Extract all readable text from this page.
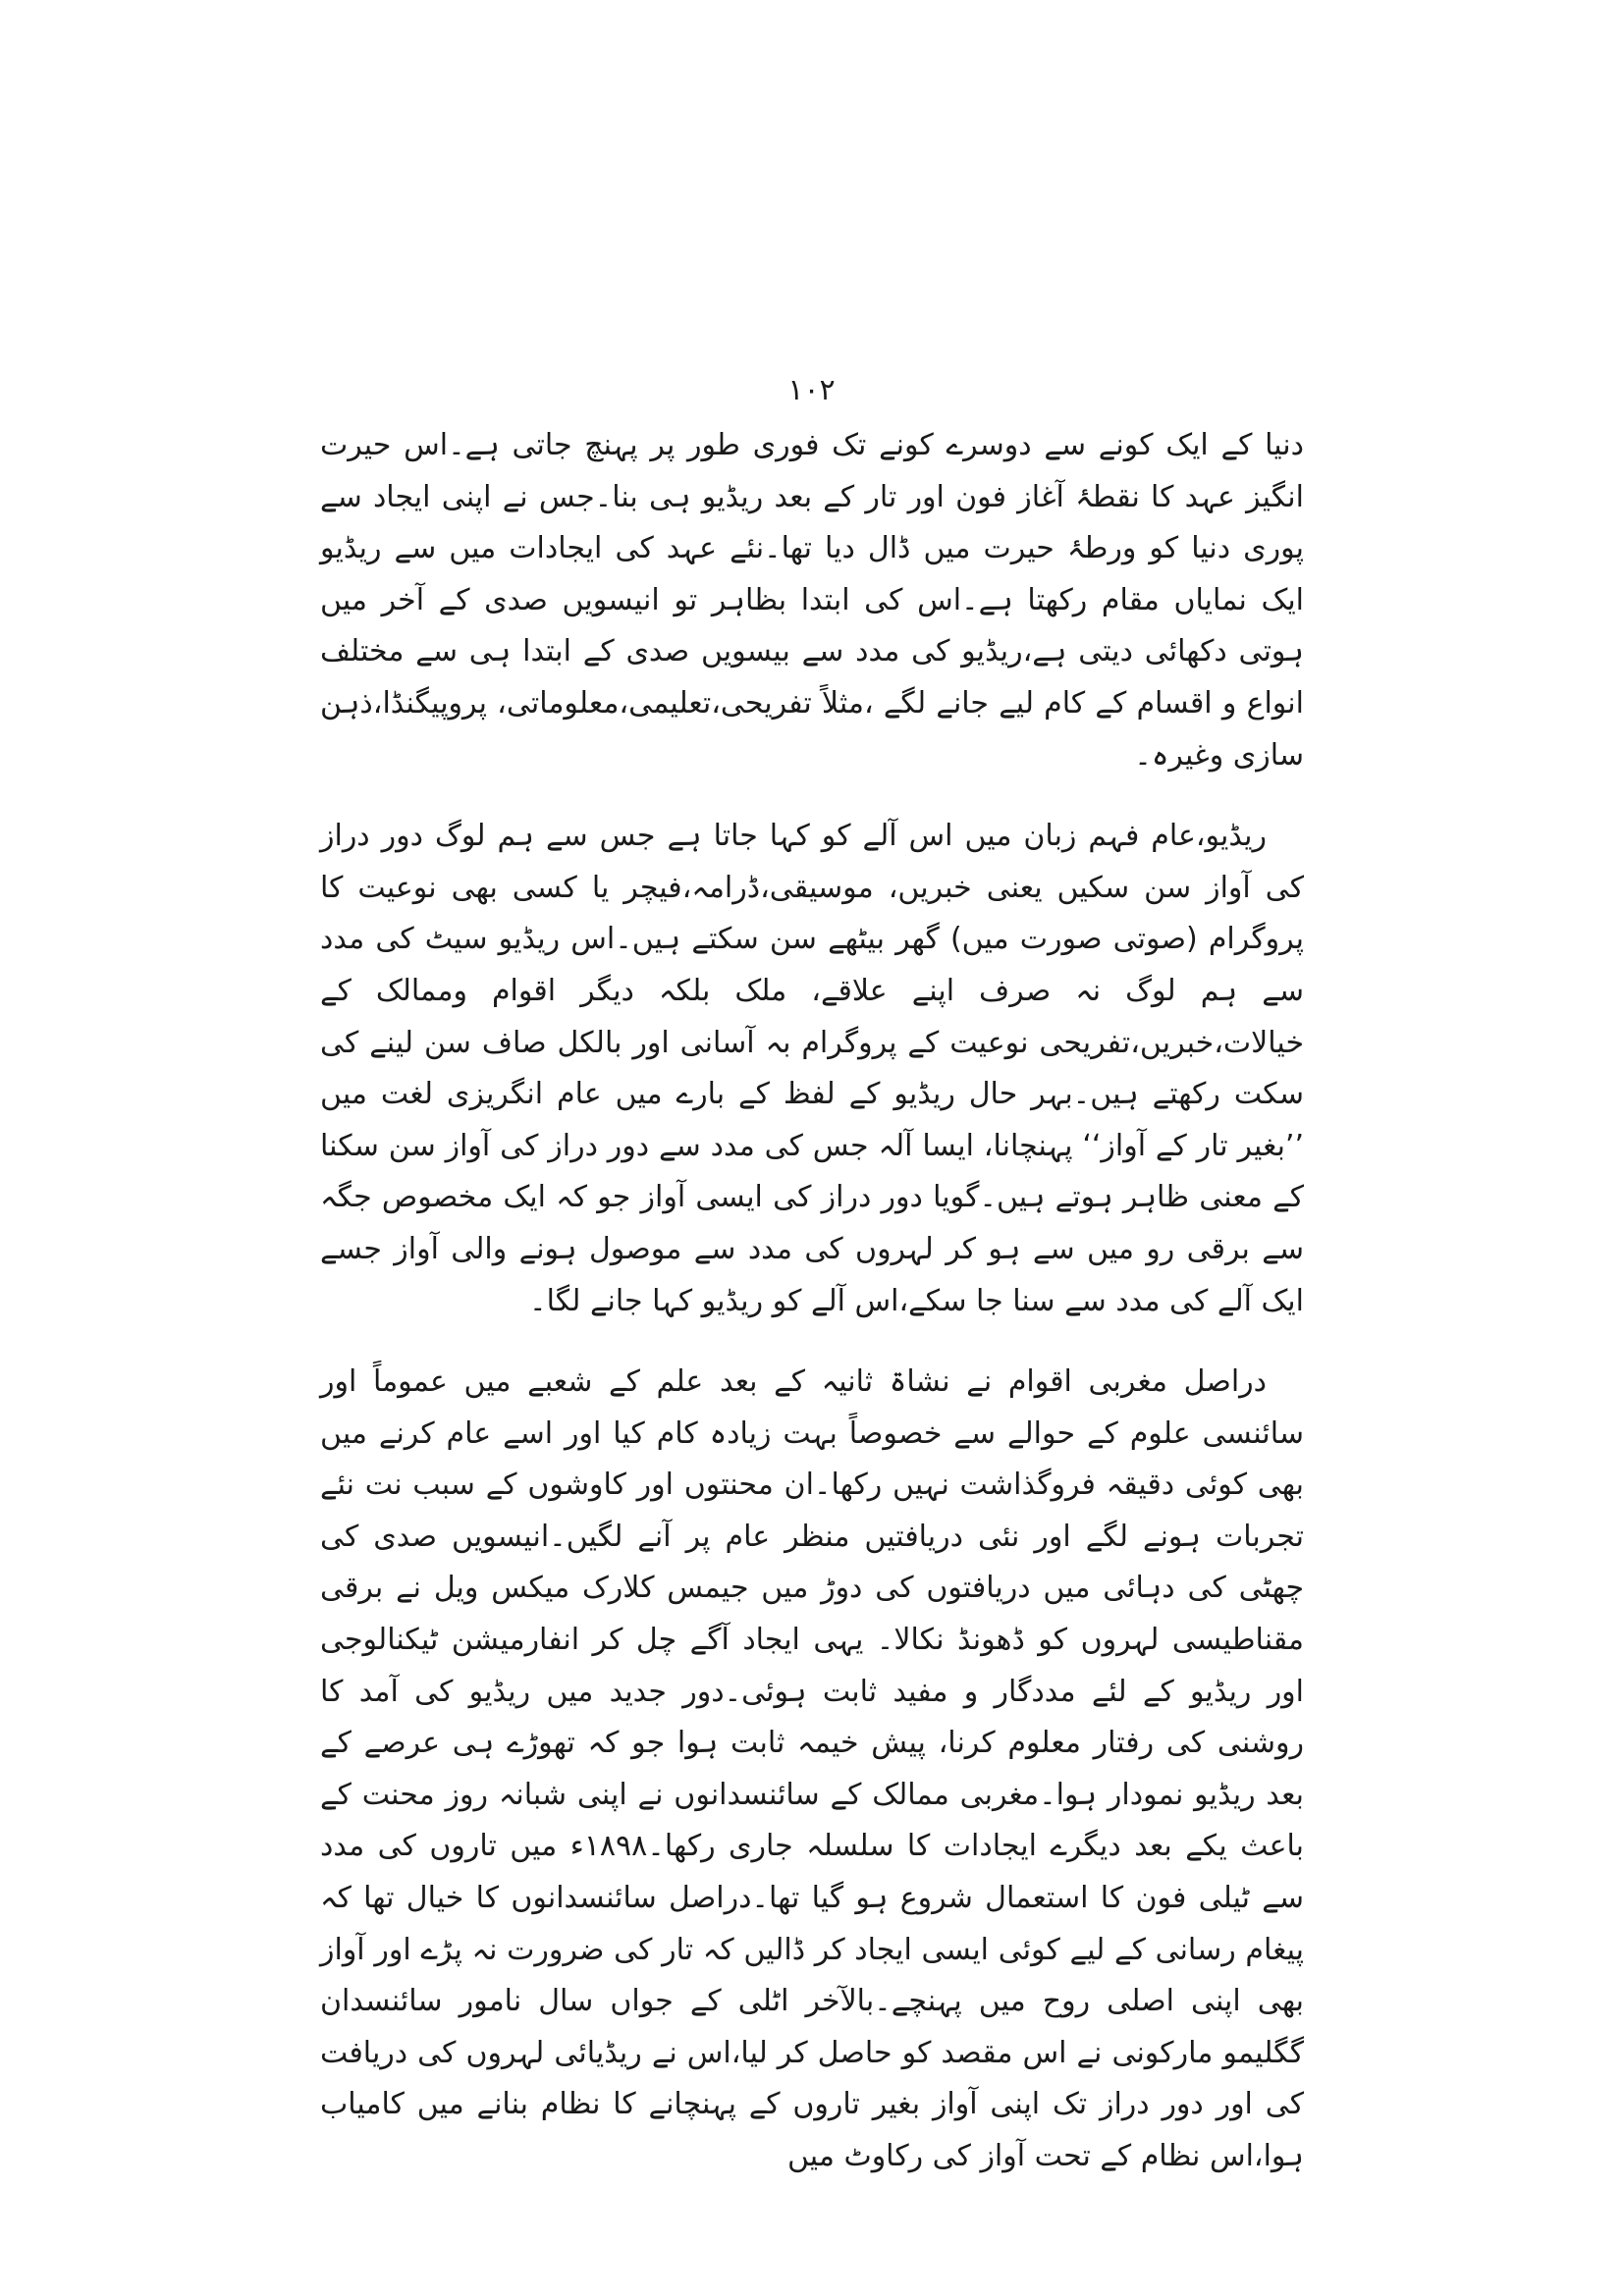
١٠٢

دنیا کے ایک کونے سے دوسرے کونے تک فوری طور پر پہنچ جاتی ہے۔اس حیرت انگیز عہد کا نقطۂ آغاز فون اور تار کے بعد ریڈیو ہی بنا۔جس نے اپنی ایجاد سے پوری دنیا کو ورطۂ حیرت میں ڈال دیا تھا۔نئے عہد کی ایجادات میں سے ریڈیو ایک نمایاں مقام رکھتا ہے۔اس کی ابتدا بظاہر تو انیسویں صدی کے آخر میں ہوتی دکھائی دیتی ہے،ریڈیو کی مدد سے بیسویں صدی کے ابتدا ہی سے مختلف انواع و اقسام کے کام لیے جانے لگے ،مثلاً تفریحی،تعلیمی،معلوماتی، پروپیگنڈا،ذہن سازی وغیرہ۔

ریڈیو،عام فہم زبان میں اس آلے کو کہا جاتا ہے جس سے ہم لوگ دور دراز کی آواز سن سکیں یعنی خبریں، موسیقی،ڈرامہ،فیچر یا کسی بھی نوعیت کا پروگرام (صوتی صورت میں) گھر بیٹھے سن سکتے ہیں۔اس ریڈیو سیٹ کی مدد سے ہم لوگ نہ صرف اپنے علاقے، ملک بلکہ دیگر اقوام وممالک کے خیالات،خبریں،تفریحی نوعیت کے پروگرام بہ آسانی اور بالکل صاف سن لینے کی سکت رکھتے ہیں۔بہر حال ریڈیو کے لفظ کے بارے میں عام انگریزی لغت میں ’’بغیر تار کے آواز‘‘ پہنچانا، ایسا آلہ جس کی مدد سے دور دراز کی آواز سن سکنا کے معنی ظاہر ہوتے ہیں۔گویا دور دراز کی ایسی آواز جو کہ ایک مخصوص جگہ سے برقی رو میں سے ہو کر لہروں کی مدد سے موصول ہونے والی آواز جسے ایک آلے کی مدد سے سنا جا سکے،اس آلے کو ریڈیو کہا جانے لگا۔

دراصل مغربی اقوام نے نشاۃ ثانیہ کے بعد علم کے شعبے میں عموماً اور سائنسی علوم کے حوالے سے خصوصاً بہت زیادہ کام کیا اور اسے عام کرنے میں بھی کوئی دقیقہ فروگذاشت نہیں رکھا۔ان محنتوں اور کاوشوں کے سبب نت نئے تجربات ہونے لگے اور نئی دریافتیں منظر عام پر آنے لگیں۔انیسویں صدی کی چھٹی کی دہائی میں دریافتوں کی دوڑ میں جیمس کلارک میکس ویل نے برقی مقناطیسی لہروں کو ڈھونڈ نکالا۔ یہی ایجاد آگے چل کر انفارمیشن ٹیکنالوجی اور ریڈیو کے لئے مددگار و مفید ثابت ہوئی۔دور جدید میں ریڈیو کی آمد کا روشنی کی رفتار معلوم کرنا، پیش خیمہ ثابت ہوا جو کہ تھوڑے ہی عرصے کے بعد ریڈیو نمودار ہوا۔مغربی ممالک کے سائنسدانوں نے اپنی شبانہ روز محنت کے باعث یکے بعد دیگرے ایجادات کا سلسلہ جاری رکھا۔۱۸۹۸ء میں تاروں کی مدد سے ٹیلی فون کا استعمال شروع ہو گیا تھا۔دراصل سائنسدانوں کا خیال تھا کہ پیغام رسانی کے لیے کوئی ایسی ایجاد کر ڈالیں کہ تار کی ضرورت نہ پڑے اور آواز بھی اپنی اصلی روح میں پہنچے۔بالآخر اٹلی کے جواں سال نامور سائنسدان گگلیمو مارکونی نے اس مقصد کو حاصل کر لیا،اس نے ریڈیائی لہروں کی دریافت کی اور دور دراز تک اپنی آواز بغیر تاروں کے پہنچانے کا نظام بنانے میں کامیاب ہوا،اس نظام کے تحت آواز کی رکاوٹ میں
